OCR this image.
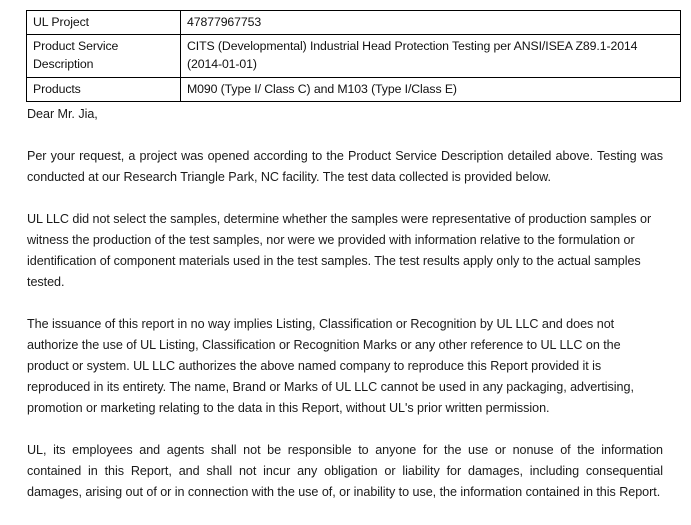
UL Project	47877967753
Product Service Description	CITS (Developmental) Industrial Head Protection Testing per ANSI/ISEA Z89.1-2014 (2014-01-01)
Products	M090 (Type I/ Class C) and M103 (Type I/Class E)

Dear Mr. Jia,

Per your request, a project was opened according to the Product Service Description detailed above. Testing was conducted at our Research Triangle Park, NC facility. The test data collected is provided below.

UL LLC did not select the samples, determine whether the samples were representative of production samples or witness the production of the test samples, nor were we provided with information relative to the formulation or identification of component materials used in the test samples. The test results apply only to the actual samples tested.

The issuance of this report in no way implies Listing, Classification or Recognition by UL LLC and does not authorize the use of UL Listing, Classification or Recognition Marks or any other reference to UL LLC on the product or system. UL LLC authorizes the above named company to reproduce this Report provided it is reproduced in its entirety. The name, Brand or Marks of UL LLC cannot be used in any packaging, advertising, promotion or marketing relating to the data in this Report, without UL's prior written permission.

UL, its employees and agents shall not be responsible to anyone for the use or nonuse of the information contained in this Report, and shall not incur any obligation or liability for damages, including consequential damages, arising out of or in connection with the use of, or inability to use, the information contained in this Report.
